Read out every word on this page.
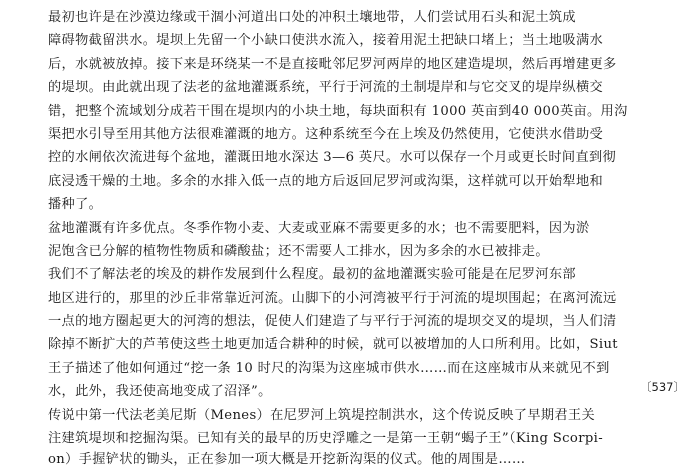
最初也许是在沙漠边缘或干涸小河道出口处的冲积土壤地带，人们尝试用石头和泥土筑成
障碍物截留洪水。堤坝上先留一个小缺口使洪水流入，接着用泥土把缺口堵上；当土地吸满水
后，水就被放掉。接下来是环绕某一不是直接毗邻尼罗河两岸的地区建造堤坝，然后再增建更多
的堤坝。由此就出现了法老的盆地灌溉系统，平行于河流的土制堤岸和与它交叉的堤岸纵横交
错，把整个流域划分成若干围在堤坝内的小块土地，每块面积有 1000 英亩到40 000英亩。用沟
渠把水引导至用其他方法很难灌溉的地方。这种系统至今在上埃及仍然使用，它使洪水借助受
控的水闸依次流进每个盆地，灌溉田地水深达 3—6 英尺。水可以保存一个月或更长时间直到彻
底浸透干燥的土地。多余的水排入低一点的地方后返回尼罗河或沟渠，这样就可以开始犁地和
播种了。
盆地灌溉有许多优点。冬季作物小麦、大麦或亚麻不需要更多的水；也不需要肥料，因为淤
泥饱含已分解的植物性物质和磷酸盐；还不需要人工排水，因为多余的水已被排走。
我们不了解法老的埃及的耕作发展到什么程度。最初的盆地灌溉实验可能是在尼罗河东部
地区进行的，那里的沙丘非常靠近河流。山脚下的小河湾被平行于河流的堤坝围起；在离河流远
一点的地方圈起更大的河湾的想法，促使人们建造了与平行于河流的堤坝交叉的堤坝，当人们清
除掉不断扩大的芦苇使这些土地更加适合耕种的时候，就可以被增加的人口所利用。比如，Siut
王子描述了他如何通过“挖一条 10 时尺的沟渠为这座城市供水……而在这座城市从来就见不到
水，此外，我还使高地变成了沼泽”。
传说中第一代法老美尼斯（Menes）在尼罗河上筑堤控制洪水，这个传说反映了早期君王关
注建筑堤坝和挖掘沟渠。已知有关的最早的历史浮雕之一是第一王朝“蝎子王”（King Scorpi-
on）手握铲状的锄头，正在参加一项大概是开挖新沟渠的仪式。他的周围是……
〔537〕
